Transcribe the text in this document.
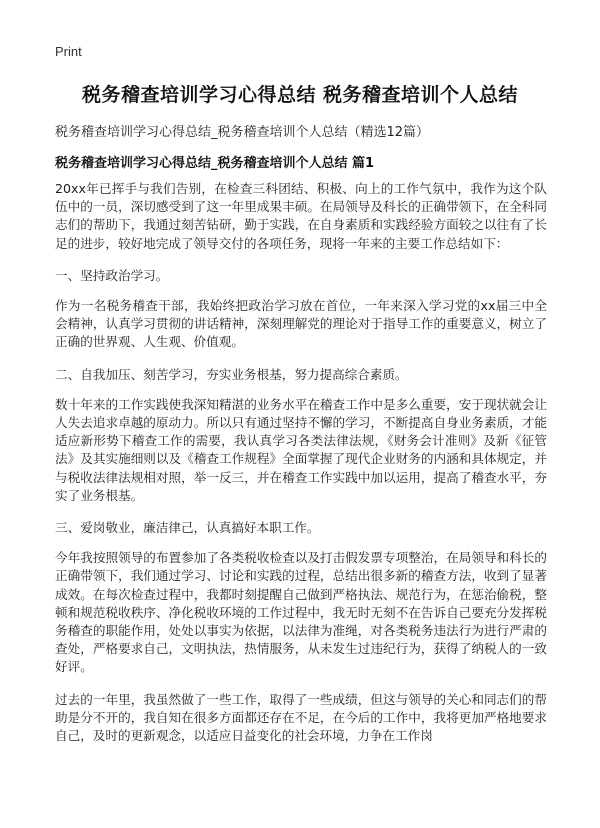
Print
税务稽查培训学习心得总结 税务稽查培训个人总结

税务稽查培训学习心得总结_税务稽查培训个人总结（精选12篇）

税务稽查培训学习心得总结_税务稽查培训个人总结 篇1

20xx年已挥手与我们告别，在检查三科团结、积极、向上的工作气氛中，我作为这个队伍中的一员，深切感受到了这一年里成果丰硕。在局领导及科长的正确带领下，在全科同志们的帮助下，我通过刻苦钻研，勤于实践，在自身素质和实践经验方面较之以往有了长足的进步，较好地完成了领导交付的各项任务，现将一年来的主要工作总结如下：

一、坚持政治学习。

作为一名税务稽查干部，我始终把政治学习放在首位，一年来深入学习党的xx届三中全会精神，认真学习贯彻的讲话精神，深刻理解党的理论对于指导工作的重要意义，树立了正确的世界观、人生观、价值观。

二、自我加压、刻苦学习，夯实业务根基，努力提高综合素质。

数十年来的工作实践使我深知精湛的业务水平在稽查工作中是多么重要，安于现状就会让人失去追求卓越的原动力。所以只有通过坚持不懈的学习，不断提高自身业务素质，才能适应新形势下稽查工作的需要，我认真学习各类法律法规，《财务会计准则》及新《征管法》及其实施细则以及《稽查工作规程》全面掌握了现代企业财务的内涵和具体规定，并与税收法律法规相对照，举一反三，并在稽查工作实践中加以运用，提高了稽查水平，夯实了业务根基。

三、爱岗敬业，廉洁律己，认真搞好本职工作。

今年我按照领导的布置参加了各类税收检查以及打击假发票专项整治，在局领导和科长的正确带领下，我们通过学习、讨论和实践的过程，总结出很多新的稽查方法，收到了显著成效。在每次检查过程中，我都时刻提醒自己做到严格执法、规范行为，在惩治偷税，整顿和规范税收秩序、净化税收环境的工作过程中，我无时无刻不在告诉自己要充分发挥税务稽查的职能作用，处处以事实为依据，以法律为准绳，对各类税务违法行为进行严肃的查处，严格要求自己，文明执法，热情服务，从未发生过违纪行为，获得了纳税人的一致好评。

过去的一年里，我虽然做了一些工作，取得了一些成绩，但这与领导的关心和同志们的帮助是分不开的，我自知在很多方面都还存在不足，在今后的工作中，我将更加严格地要求自己，及时的更新观念，以适应日益变化的社会环境，力争在工作岗
